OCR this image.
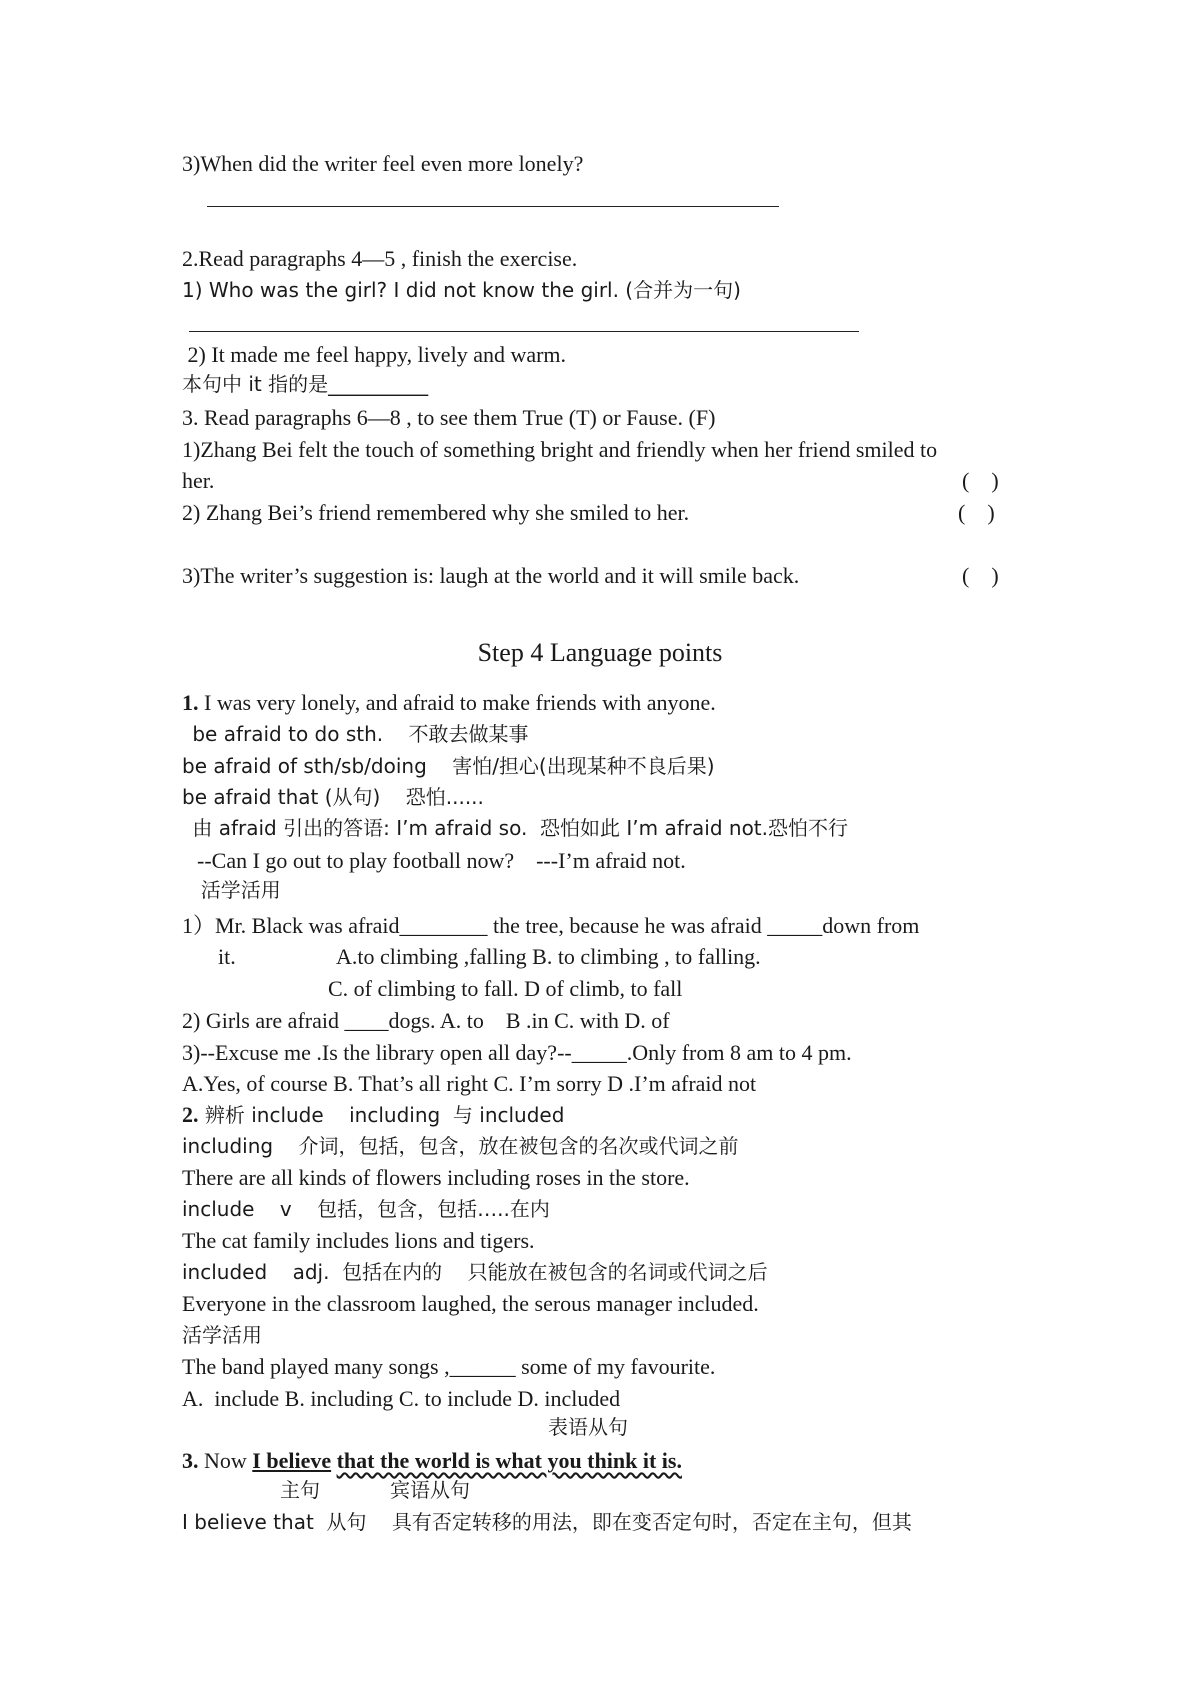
3)When did the writer feel even more lonely?
2.Read paragraphs 4—5 , finish the exercise.
1) Who was the girl? I did not know the girl. (合并为一句)
2) It made me feel happy, lively and warm.
本句中 it 指的是__________
3. Read paragraphs 6—8 , to see them True (T) or Fause. (F)
1)Zhang Bei felt the touch of something bright and friendly when her friend smiled to
her.	(    )
2) Zhang Bei’s friend remembered why she smiled to her.	(    )
3)The writer’s suggestion is: laugh at the world and it will smile back.	(    )
Step 4 Language points
1. I was very lonely, and afraid to make friends with anyone.
be afraid to do sth.    不敢去做某事
be afraid of sth/sb/doing    害怕/担心(出现某种不良后果)
be afraid that (从句)    恐怕......
由 afraid 引出的答语: I’m afraid so.  恐怕如此 I’m afraid not.恐怕不行
--Can I go out to play football now?    ---I’m afraid not.
活学活用
1）Mr. Black was afraid________ the tree, because he was afraid _____down from
it.	A.to climbing ,falling B. to climbing , to falling.
C. of climbing to fall. D of climb, to fall
2) Girls are afraid ____dogs. A. to    B .in C. with D. of
3)--Excuse me .Is the library open all day?--_____.Only from 8 am to 4 pm.
A.Yes, of course B. That’s all right C. I’m sorry D .I’m afraid not
2. 辨析 include    including  与 included
including    介词，包括，包含，放在被包含的名次或代词之前
There are all kinds of flowers including roses in the store.
include    v    包括，包含，包括…..在内
The cat family includes lions and tigers.
included    adj.  包括在内的    只能放在被包含的名词或代词之后
Everyone in the classroom laughed, the serous manager included.
活学活用
The band played many songs ,______ some of my favourite.
A.  include B. including C. to include D. included
表语从句
3. Now I believe that the world is what you think it is.
主句	宾语从句
I believe that  从句    具有否定转移的用法，即在变否定句时，否定在主句，但其
